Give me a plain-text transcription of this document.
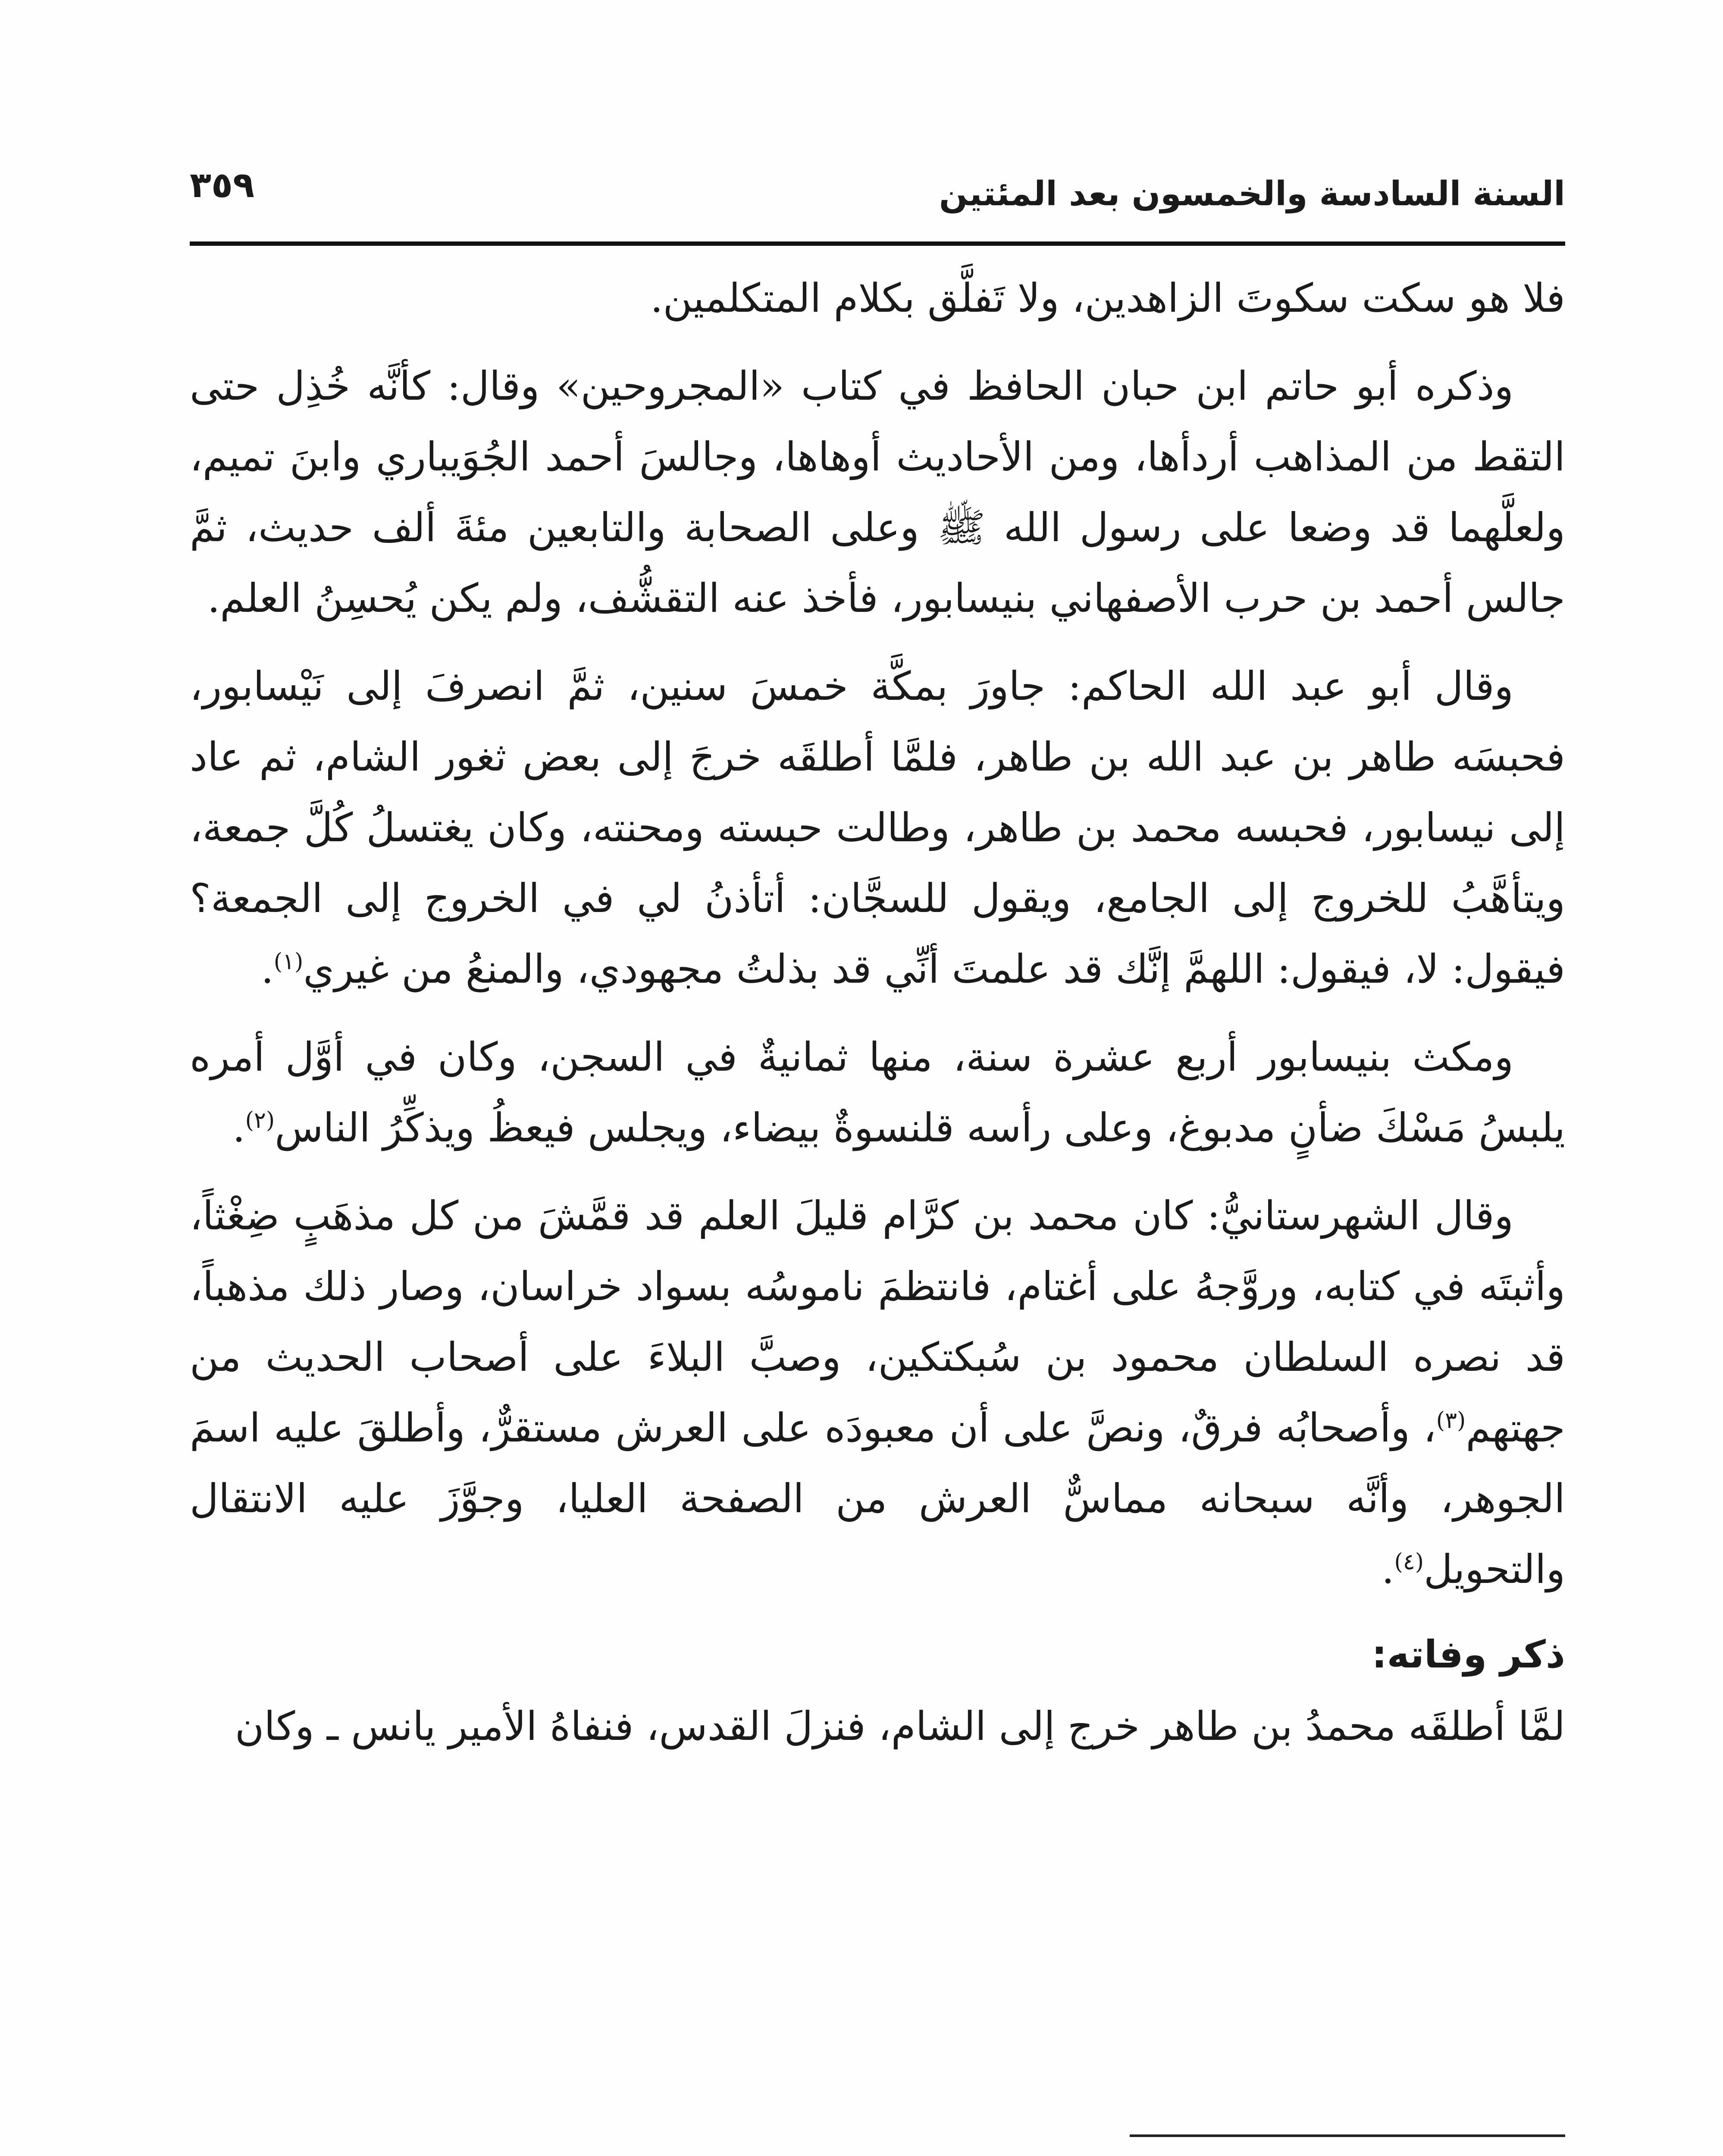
السنة السادسة والخمسون بعد المئتين
٣٥٩

فلا هو سكت سكوتَ الزاهدين، ولا تَفلَّق بكلام المتكلمين.

وذكره أبو حاتم ابن حبان الحافظ في كتاب «المجروحين» وقال: كأنَّه خُذِل حتى التقط من المذاهب أردأها، ومن الأحاديث أوهاها، وجالسَ أحمد الجُوَيباري وابنَ تميم، ولعلَّهما قد وضعا على رسول الله ﷺ وعلى الصحابة والتابعين مئةَ ألف حديث، ثمَّ جالس أحمد بن حرب الأصفهاني بنيسابور، فأخذ عنه التقشُّف، ولم يكن يُحسِنُ العلم.

وقال أبو عبد الله الحاكم: جاورَ بمكَّة خمسَ سنين، ثمَّ انصرفَ إلى نَيْسابور، فحبسَه طاهر بن عبد الله بن طاهر، فلمَّا أطلقَه خرجَ إلى بعض ثغور الشام، ثم عاد إلى نيسابور، فحبسه محمد بن طاهر، وطالت حبسته ومحنته، وكان يغتسلُ كُلَّ جمعة، ويتأهَّبُ للخروج إلى الجامع، ويقول للسجَّان: أتأذنُ لي في الخروج إلى الجمعة؟ فيقول: لا، فيقول: اللهمَّ إنَّك قد علمتَ أنِّي قد بذلتُ مجهودي، والمنعُ من غيري$^{(١)}$.

ومكث بنيسابور أربع عشرة سنة، منها ثمانيةٌ في السجن، وكان في أوَّل أمره يلبسُ مَسْكَ ضأنٍ مدبوغ، وعلى رأسه قلنسوةٌ بيضاء، ويجلس فيعظُ ويذكِّرُ الناس$^{(٢)}$.

وقال الشهرستانيُّ: كان محمد بن كرَّام قليلَ العلم قد قمَّشَ من كل مذهَبٍ ضِغْثاً، وأثبتَه في كتابه، وروَّجهُ على أغتام، فانتظمَ ناموسُه بسواد خراسان، وصار ذلك مذهباً، قد نصره السلطان محمود بن سُبكتكين، وصبَّ البلاءَ على أصحاب الحديث من جهتهم$^{(٣)}$، وأصحابُه فرقٌ، ونصَّ على أن معبودَه على العرش مستقرٌّ، وأطلقَ عليه اسمَ الجوهر، وأنَّه سبحانه مماسٌّ العرش من الصفحة العليا، وجوَّزَ عليه الانتقال والتحويل$^{(٤)}$.

ذكر وفاته:

لمَّا أطلقَه محمدُ بن طاهر خرج إلى الشام، فنزلَ القدس، فنفاهُ الأمير يانس ـ وكان
